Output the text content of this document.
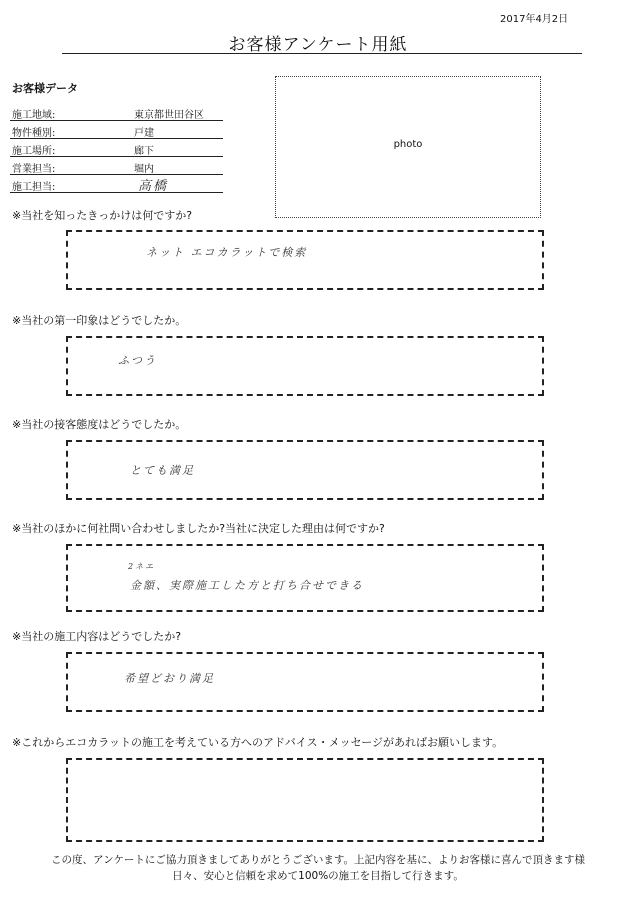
2017年4月2日
お客様アンケート用紙
お客様データ
施工地域:	東京都世田谷区
物件種別:	戸建
施工場所:	廊下
営業担当:	堀内
施工担当:	高橋
photo
※当社を知ったきっかけは何ですか?
ネット エコカラットで検索
※当社の第一印象はどうでしたか。
ふつう
※当社の接客態度はどうでしたか。
とても満足
※当社のほかに何社問い合わせしましたか?当社に決定した理由は何ですか?
2ネエ
金額、実際施工した方と打ち合せできる
※当社の施工内容はどうでしたか?
希望どおり満足
※これからエコカラットの施工を考えている方へのアドバイス・メッセージがあればお願いします。
この度、アンケートにご協力頂きましてありがとうございます。上記内容を基に、よりお客様に喜んで頂きます様
日々、安心と信頼を求めて100%の施工を目指して行きます。
